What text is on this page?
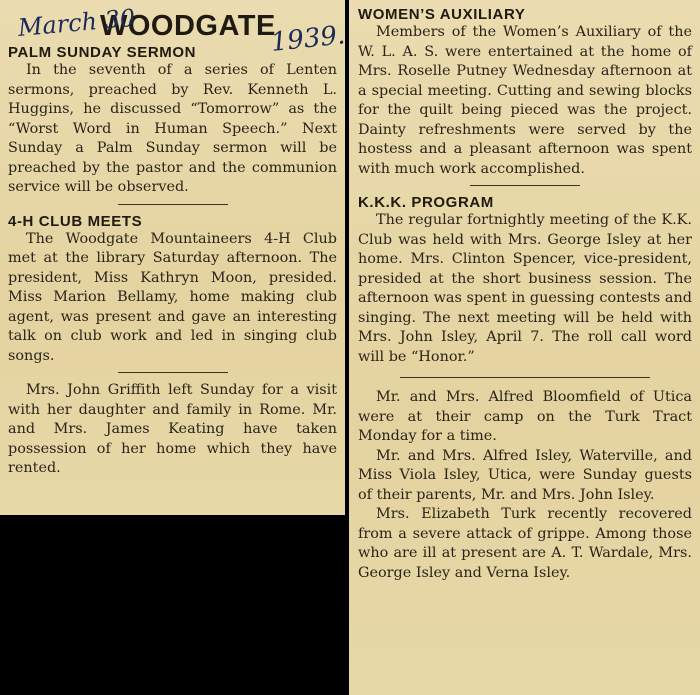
WOODGATE
March 30	1939.
PALM SUNDAY SERMON

In the seventh of a series of Lenten sermons, preached by Rev. Kenneth L. Huggins, he discussed “Tomorrow” as the “Worst Word in Human Speech.” Next Sunday a Palm Sunday sermon will be preached by the pastor and the communion service will be observed.

4-H CLUB MEETS

The Woodgate Mountaineers 4-H Club met at the library Saturday afternoon. The president, Miss Kathryn Moon, presided. Miss Marion Bellamy, home making club agent, was present and gave an interesting talk on club work and led in singing club songs.

Mrs. John Griffith left Sunday for a visit with her daughter and family in Rome. Mr. and Mrs. James Keating have taken possession of her home which they have rented.

WOMEN’S AUXILIARY

Members of the Women’s Auxiliary of the W. L. A. S. were entertained at the home of Mrs. Roselle Putney Wednesday afternoon at a special meeting. Cutting and sewing blocks for the quilt being pieced was the project. Dainty refreshments were served by the hostess and a pleasant afternoon was spent with much work accomplished.

K.K.K. PROGRAM

The regular fortnightly meeting of the K.K. Club was held with Mrs. George Isley at her home. Mrs. Clinton Spencer, vice-president, presided at the short business session. The afternoon was spent in guessing contests and singing. The next meeting will be held with Mrs. John Isley, April 7. The roll call word will be “Honor.”

Mr. and Mrs. Alfred Bloomfield of Utica were at their camp on the Turk Tract Monday for a time.

Mr. and Mrs. Alfred Isley, Waterville, and Miss Viola Isley, Utica, were Sunday guests of their parents, Mr. and Mrs. John Isley.

Mrs. Elizabeth Turk recently recovered from a severe attack of grippe. Among those who are ill at present are A. T. Wardale, Mrs. George Isley and Verna Isley.
